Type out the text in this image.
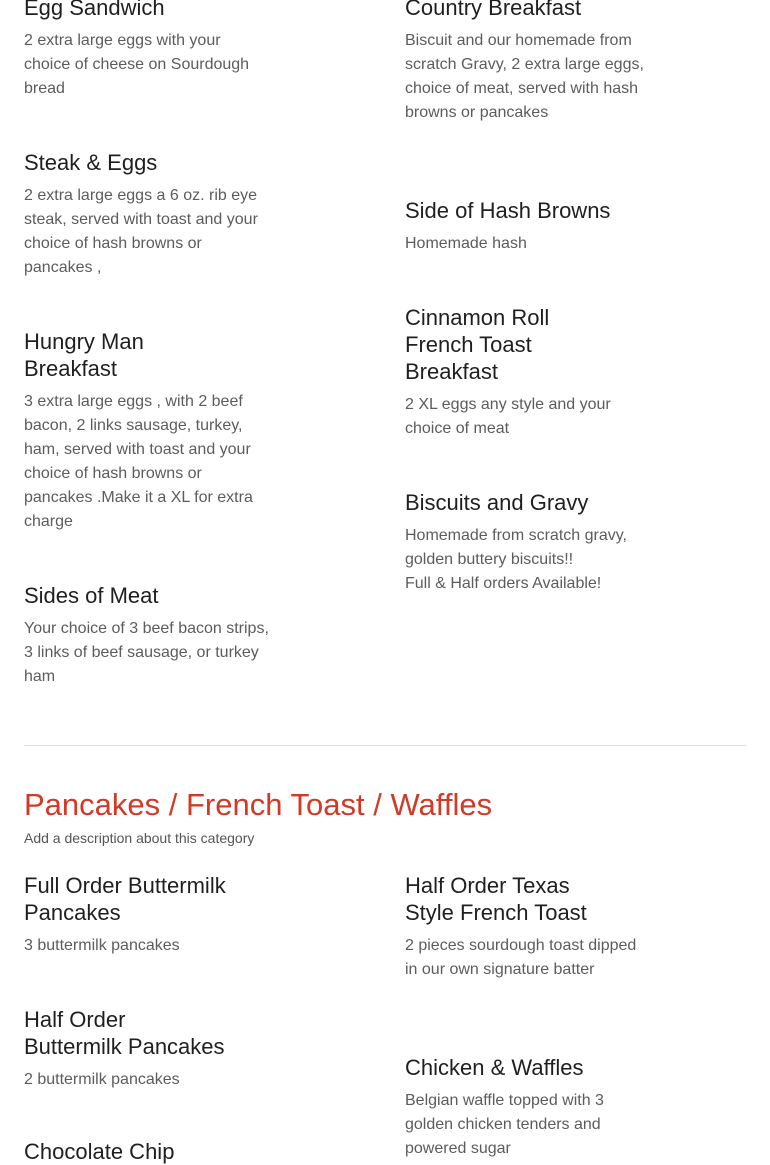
Egg Sandwich

2 extra large eggs with your choice of cheese on Sourdough bread

Steak & Eggs

2 extra large eggs a 6 oz. rib eye steak, served with toast and your choice of hash browns or pancakes ,

Hungry Man
Breakfast

3 extra large eggs , with 2 beef bacon, 2 links sausage, turkey, ham, served with toast and your choice of hash browns or pancakes .Make it a XL for extra charge

Sides of Meat

Your choice of 3 beef bacon strips, 3 links of beef sausage, or turkey ham

Country Breakfast

Biscuit and our homemade from scratch Gravy, 2 extra large eggs, choice of meat, served with hash browns or pancakes

Side of Hash Browns

Homemade hash

Cinnamon Roll
French Toast
Breakfast

2 XL eggs any style and your choice of meat

Biscuits and Gravy

Homemade from scratch gravy, golden buttery biscuits!!
Full & Half orders Available!

Pancakes / French Toast / Waffles

Add a description about this category

Full Order Buttermilk
Pancakes

3 buttermilk pancakes

Half Order
Buttermilk Pancakes

2 buttermilk pancakes

Chocolate Chip
Half Order Texas
Style French Toast

2 pieces sourdough toast dipped in our own signature batter

Chicken & Waffles

Belgian waffle topped with 3 golden chicken tenders and powered sugar
